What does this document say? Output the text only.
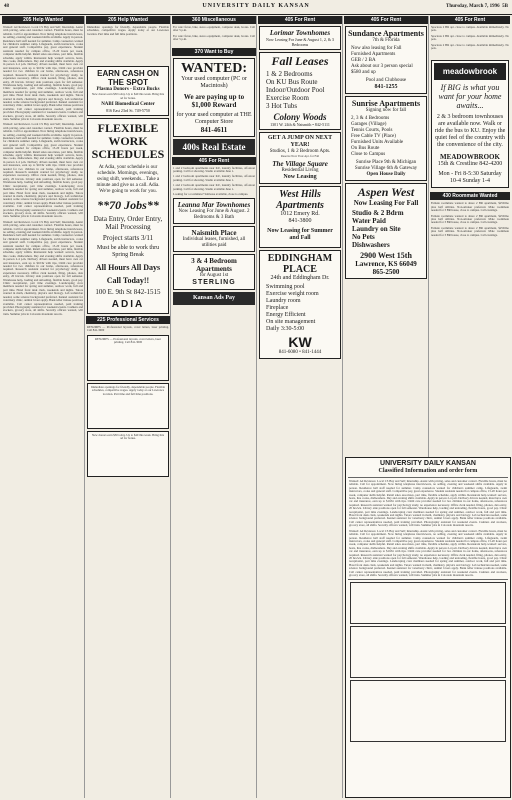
48	UNIVERSITY DAILY KANSAN	Thursday, March 7, 1996 5B
205 Help Wanted
Wanted: Ad Reviewer. Local CS Buy and Sell; Internship. Assist with pricing, sales and customer contact. Flexible hours, must be reliable. Call for appointment. Now hiring telephone interviewers, no selling, evening and weekend shifts available. Apply in person. Residence hall staff needed for summer. Camp counselors wanted for children's summer camp. Lifeguards, swim instructors, cooks and general staff. Competitive pay, great experience. Student assistant needed for campus office, 15-20 hours per week, computer skills helpful. Retail sales associates, part time, flexible schedule, apply within. Restaurant help wanted: servers, hosts, line cooks, dishwashers. Day and evening shifts available. Apply in person 2-4 p.m. Delivery drivers needed, must have own car and insurance, earn up to $10/hr with tips. Child care provider needed for two children in our home, afternoons, references required. Research assistant wanted for psychology study, no experience necessary. Office clerk needed, filing, phones, data entry, 20 hrs/wk. Library aide positions open for fall semester. Warehouse help, loading and unloading, flexible hours, good pay. Clinic receptionist, part time evenings. Landscaping crew members needed for spring and summer, outdoor work, full and part time. Hotel front desk clerk, weekends and nights. Tutors wanted in math, chemistry, physics and biology. Lab technician needed, some science background preferred. Kennel assistant for veterinary clinic, animal lovers apply. Bank teller trainee positions available. Call center representatives needed, paid training provided. Photography assistant for weekend events. Cashiers and stockers, grocery store, all shifts. Security officers wanted, will train. Summer jobs in Colorado mountain resorts.
Wanted: Ad Reviewer. Local CS Buy and Sell; Internship. Assist with pricing, sales and customer contact. Flexible hours, must be reliable. Call for appointment. Now hiring telephone interviewers, no selling, evening and weekend shifts available. Apply in person. Residence hall staff needed for summer. Camp counselors wanted for children's summer camp. Lifeguards, swim instructors, cooks and general staff. Competitive pay, great experience. Student assistant needed for campus office, 15-20 hours per week, computer skills helpful. Retail sales associates, part time, flexible schedule, apply within. Restaurant help wanted: servers, hosts, line cooks, dishwashers. Day and evening shifts available. Apply in person 2-4 p.m. Delivery drivers needed, must have own car and insurance, earn up to $10/hr with tips. Child care provider needed for two children in our home, afternoons, references required. Research assistant wanted for psychology study, no experience necessary. Office clerk needed, filing, phones, data entry, 20 hrs/wk. Library aide positions open for fall semester. Warehouse help, loading and unloading, flexible hours, good pay. Clinic receptionist, part time evenings. Landscaping crew members needed for spring and summer, outdoor work, full and part time. Hotel front desk clerk, weekends and nights. Tutors wanted in math, chemistry, physics and biology. Lab technician needed, some science background preferred. Kennel assistant for veterinary clinic, animal lovers apply. Bank teller trainee positions available. Call center representatives needed, paid training provided. Photography assistant for weekend events. Cashiers and stockers, grocery store, all shifts. Security officers wanted, will train. Summer jobs in Colorado mountain resorts.
Wanted: Ad Reviewer. Local CS Buy and Sell; Internship. Assist with pricing, sales and customer contact. Flexible hours, must be reliable. Call for appointment. Now hiring telephone interviewers, no selling, evening and weekend shifts available. Apply in person. Residence hall staff needed for summer. Camp counselors wanted for children's summer camp. Lifeguards, swim instructors, cooks and general staff. Competitive pay, great experience. Student assistant needed for campus office, 15-20 hours per week, computer skills helpful. Retail sales associates, part time, flexible schedule, apply within. Restaurant help wanted: servers, hosts, line cooks, dishwashers. Day and evening shifts available. Apply in person 2-4 p.m. Delivery drivers needed, must have own car and insurance, earn up to $10/hr with tips. Child care provider needed for two children in our home, afternoons, references required. Research assistant wanted for psychology study, no experience necessary. Office clerk needed, filing, phones, data entry, 20 hrs/wk. Library aide positions open for fall semester. Warehouse help, loading and unloading, flexible hours, good pay. Clinic receptionist, part time evenings. Landscaping crew members needed for spring and summer, outdoor work, full and part time. Hotel front desk clerk, weekends and nights. Tutors wanted in math, chemistry, physics and biology. Lab technician needed, some science background preferred. Kennel assistant for veterinary clinic, animal lovers apply. Bank teller trainee positions available. Call center representatives needed, paid training provided. Photography assistant for weekend events. Cashiers and stockers, grocery store, all shifts. Security officers wanted, will train. Summer jobs in Colorado mountain resorts.
205 Help Wanted
Immediate openings for friendly, dependable people. Flexible schedules, competitive wages. Apply today at our Lawrence location. Part time and full time positions.
EARN CASH ON THE SPOT
Plasma Donors - Extra Bucks
New donors earn $30 today. Up to $40 this week. Bring this ad for bonus.
NABI Biomedical Center
816 East 23rd St. 749-5750
FLEXIBLE WORK SCHEDULES
At Adia, your schedule is our schedule. Mornings, evenings, swing shift, weekends... Take a minute and give us a call. Adia. We're going to work for you.
**70 Jobs**
Data Entry, Order Entry, Mail Processing
Project starts 3/11
Must be able to work thru Spring Break
All Hours All Days
Call Today!!
100 E. 9th St 842-1515
ADIA
225 Professional Services
RESUMES — Professional layouts, cover letters, laser printing. Call 841-3000
RESUMES — Professional layouts, cover letters, laser printing. Call 841-3000
Immediate openings for friendly, dependable people. Flexible schedules, competitive wages. Apply today at our Lawrence location. Part time and full time positions.
New donors earn $30 today. Up to $40 this week. Bring this ad for bonus.
360 Miscellaneous
For sale: futon, bike, stereo equipment, computer desk, books. Call after 5 p.m.
For sale: futon, bike, stereo equipment, computer desk, books. Call after 5 p.m.
370 Want to Buy
WANTED:
Your used computer (PC or Macintosh)
We are paying up to $1,000 Reward
for your used computer at THE Computer Store
841-4611
400s Real Estate
405 For Rent
1 and 2 bedroom apartments near KU, laundry facilities, off-street parking. Call for showing. Studio available June 1.
1 and 2 bedroom apartments near KU, laundry facilities, off-street parking. Call for showing. Studio available June 1.
1 and 2 bedroom apartments near KU, laundry facilities, off-street parking. Call for showing. Studio available June 1.
Looking for a roommate? Sublease available, close to campus.
Leanna Mar Townhomes
Now Leasing For June & August. 2 Bedrooms & 3 Bath
Naismith Place
Individual leases, furnished, all utilities paid
3 & 4 Bedroom Apartments
for August 1st
STERLING
Kansan Ads Pay
405 For Rent
Lorimar Townhomes
Now Leasing For June & August 1, 2, & 3 Bedrooms
Fall Leases
1 & 2 Bedrooms
On KU Bus Route
Indoor/Outdoor Pool
Exercise Room
3 Hot Tubs
Colony Woods
1301 W. 24th & Naismith • 842-5111
GET A JUMP ON NEXT YEAR!
Studios, 1 & 2 Bedroom Apts.
Reserve Now Your Apt. for Fall
The Village Square
Residential Living
Now Leasing
West Hills Apartments
1012 Emery Rd.
841-3800
Now Leasing for Summer and Fall
EDDINGHAM PLACE
24th and Eddingham Dr.
Swimming pool
Exercise weight room
Laundry room
Fireplace
Energy Efficient
On site management
Daily 3:30-5:00
KW
841-6080 • 841-1444
405 For Rent
Sundance Apartments
7th & Florida
Now also leasing for Fall
Furnished Apartments
GEB / 2 BA
Ask about our 3 person special
$580 and up
Pool and Clubhouse
841-1255
Sunrise Apartments
Signing now for fall
2, 3 & 4 Bedrooms
Garages (Village)
Tennis Courts, Pools
Free Cable TV (Place)
Furnished Units Available
On Bus Route
Close to Campus
Sunrise Place 9th & Michigan
Sunrise Village 6th & Gateway
Open House Daily
Aspen West
Now Leasing For Fall
Studio & 2 Bdrm
Water Paid
Laundry on Site
No Pets
Dishwashers
2900 West 15th
Lawrence, KS 66049 865-2500
UNIVERSITY DAILY KANSAN
Classified Information and order form
Wanted: Ad Reviewer. Local CS Buy and Sell; Internship. Assist with pricing, sales and customer contact. Flexible hours, must be reliable. Call for appointment. Now hiring telephone interviewers, no selling, evening and weekend shifts available. Apply in person. Residence hall staff needed for summer. Camp counselors wanted for children's summer camp. Lifeguards, swim instructors, cooks and general staff. Competitive pay, great experience. Student assistant needed for campus office, 15-20 hours per week, computer skills helpful. Retail sales associates, part time, flexible schedule, apply within. Restaurant help wanted: servers, hosts, line cooks, dishwashers. Day and evening shifts available. Apply in person 2-4 p.m. Delivery drivers needed, must have own car and insurance, earn up to $10/hr with tips. Child care provider needed for two children in our home, afternoons, references required. Research assistant wanted for psychology study, no experience necessary. Office clerk needed, filing, phones, data entry, 20 hrs/wk. Library aide positions open for fall semester. Warehouse help, loading and unloading, flexible hours, good pay. Clinic receptionist, part time evenings. Landscaping crew members needed for spring and summer, outdoor work, full and part time. Hotel front desk clerk, weekends and nights. Tutors wanted in math, chemistry, physics and biology. Lab technician needed, some science background preferred. Kennel assistant for veterinary clinic, animal lovers apply. Bank teller trainee positions available. Call center representatives needed, paid training provided. Photography assistant for weekend events. Cashiers and stockers, grocery store, all shifts. Security officers wanted, will train. Summer jobs in Colorado mountain resorts.
Wanted: Ad Reviewer. Local CS Buy and Sell; Internship. Assist with pricing, sales and customer contact. Flexible hours, must be reliable. Call for appointment. Now hiring telephone interviewers, no selling, evening and weekend shifts available. Apply in person. Residence hall staff needed for summer. Camp counselors wanted for children's summer camp. Lifeguards, swim instructors, cooks and general staff. Competitive pay, great experience. Student assistant needed for campus office, 15-20 hours per week, computer skills helpful. Retail sales associates, part time, flexible schedule, apply within. Restaurant help wanted: servers, hosts, line cooks, dishwashers. Day and evening shifts available. Apply in person 2-4 p.m. Delivery drivers needed, must have own car and insurance, earn up to $10/hr with tips. Child care provider needed for two children in our home, afternoons, references required. Research assistant wanted for psychology study, no experience necessary. Office clerk needed, filing, phones, data entry, 20 hrs/wk. Library aide positions open for fall semester. Warehouse help, loading and unloading, flexible hours, good pay. Clinic receptionist, part time evenings. Landscaping crew members needed for spring and summer, outdoor work, full and part time. Hotel front desk clerk, weekends and nights. Tutors wanted in math, chemistry, physics and biology. Lab technician needed, some science background preferred. Kennel assistant for veterinary clinic, animal lovers apply. Bank teller trainee positions available. Call center representatives needed, paid training provided. Photography assistant for weekend events. Cashiers and stockers, grocery store, all shifts. Security officers wanted, will train. Summer jobs in Colorado mountain resorts.
405 For Rent
Spacious 2 BR apt. close to campus. Available immediately. No pets.
Spacious 2 BR apt. close to campus. Available immediately. No pets.
Spacious 2 BR apt. close to campus. Available immediately. No pets.
meadowbrook
If BIG is what you want for your home awaits...
2 & 3 bedroom townhouses are available now. Walk or ride the bus to KU. Enjoy the quiet feel of the country with the convenience of the city.
MEADOWBROOK
15th & Crestline 842-4200
Mon - Fri 8-5:30 Saturday 10-4 Sunday 1-4
430 Roommate Wanted
Female roommate wanted to share 2 BR apartment, $250/mo plus half utilities. Non-smoker preferred. Male roommate needed for 3 BR house, close to campus. Call evenings.
Female roommate wanted to share 2 BR apartment, $250/mo plus half utilities. Non-smoker preferred. Male roommate needed for 3 BR house, close to campus. Call evenings.
Female roommate wanted to share 2 BR apartment, $250/mo plus half utilities. Non-smoker preferred. Male roommate needed for 3 BR house, close to campus. Call evenings.
